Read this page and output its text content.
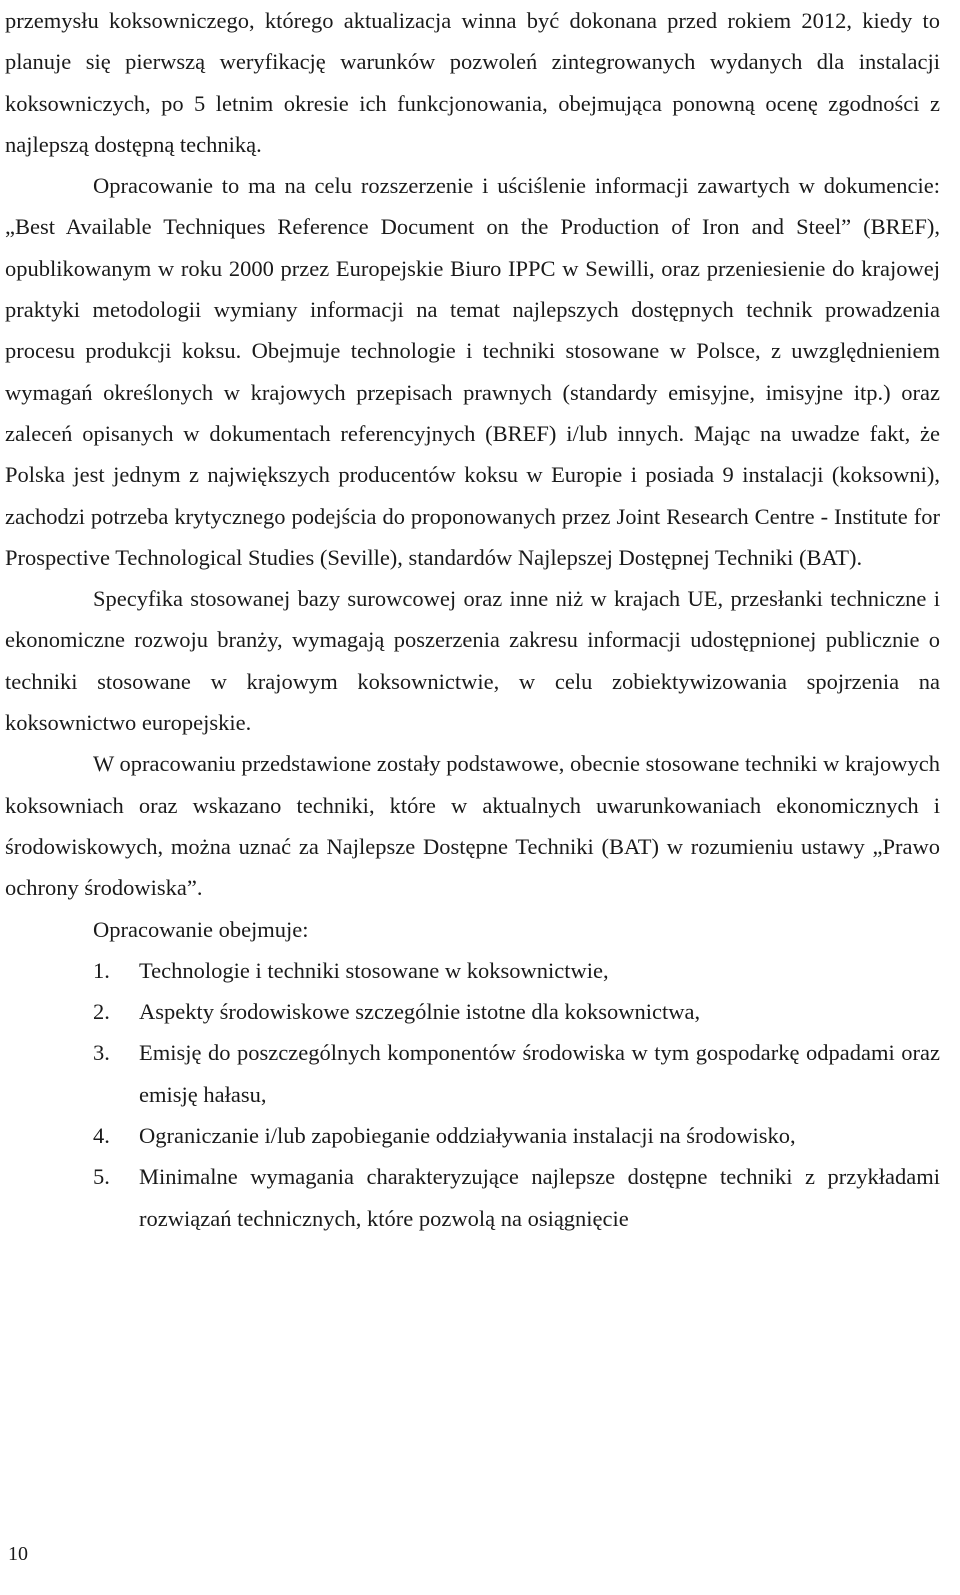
przemysłu koksowniczego, którego aktualizacja winna być dokonana przed rokiem 2012, kiedy to planuje się pierwszą weryfikację warunków pozwoleń zintegrowanych wydanych dla instalacji koksowniczych, po 5 letnim okresie ich funkcjonowania, obejmująca ponowną ocenę zgodności z najlepszą dostępną techniką.

Opracowanie to ma na celu rozszerzenie i uściślenie informacji zawartych w dokumencie: „Best Available Techniques Reference Document on the Production of Iron and Steel” (BREF), opublikowanym w roku 2000 przez Europejskie Biuro IPPC w Sewilli, oraz przeniesienie do krajowej praktyki metodologii wymiany informacji na temat najlepszych dostępnych technik prowadzenia procesu produkcji koksu. Obejmuje technologie i techniki stosowane w Polsce, z uwzględnieniem wymagań określonych w krajowych przepisach prawnych (standardy emisyjne, imisyjne itp.) oraz zaleceń opisanych w dokumentach referencyjnych (BREF) i/lub innych. Mając na uwadze fakt, że Polska jest jednym z największych producentów koksu w Europie i posiada 9 instalacji (koksowni), zachodzi potrzeba krytycznego podejścia do proponowanych przez Joint Research Centre - Institute for Prospective Technological Studies (Seville), standardów Najlepszej Dostępnej Techniki (BAT).

Specyfika stosowanej bazy surowcowej oraz inne niż w krajach UE, przesłanki techniczne i ekonomiczne rozwoju branży, wymagają poszerzenia zakresu informacji udostępnionej publicznie o techniki stosowane w krajowym koksownictwie, w celu zobiektywizowania spojrzenia na koksownictwo europejskie.

W opracowaniu przedstawione zostały podstawowe, obecnie stosowane techniki w krajowych koksowniach oraz wskazano techniki, które w aktualnych uwarunkowaniach ekonomicznych i środowiskowych, można uznać za Najlepsze Dostępne Techniki (BAT) w rozumieniu ustawy „Prawo ochrony środowiska”.

Opracowanie obejmuje:

1.	Technologie i techniki stosowane w koksownictwie,
2.	Aspekty środowiskowe szczególnie istotne dla koksownictwa,
3.	Emisję do poszczególnych komponentów środowiska w tym gospodarkę odpadami oraz emisję hałasu,
4.	Ograniczanie i/lub zapobieganie oddziaływania instalacji na środowisko,
5.	Minimalne wymagania charakteryzujące najlepsze dostępne techniki z przykładami rozwiązań technicznych, które pozwolą na osiągnięcie
10
